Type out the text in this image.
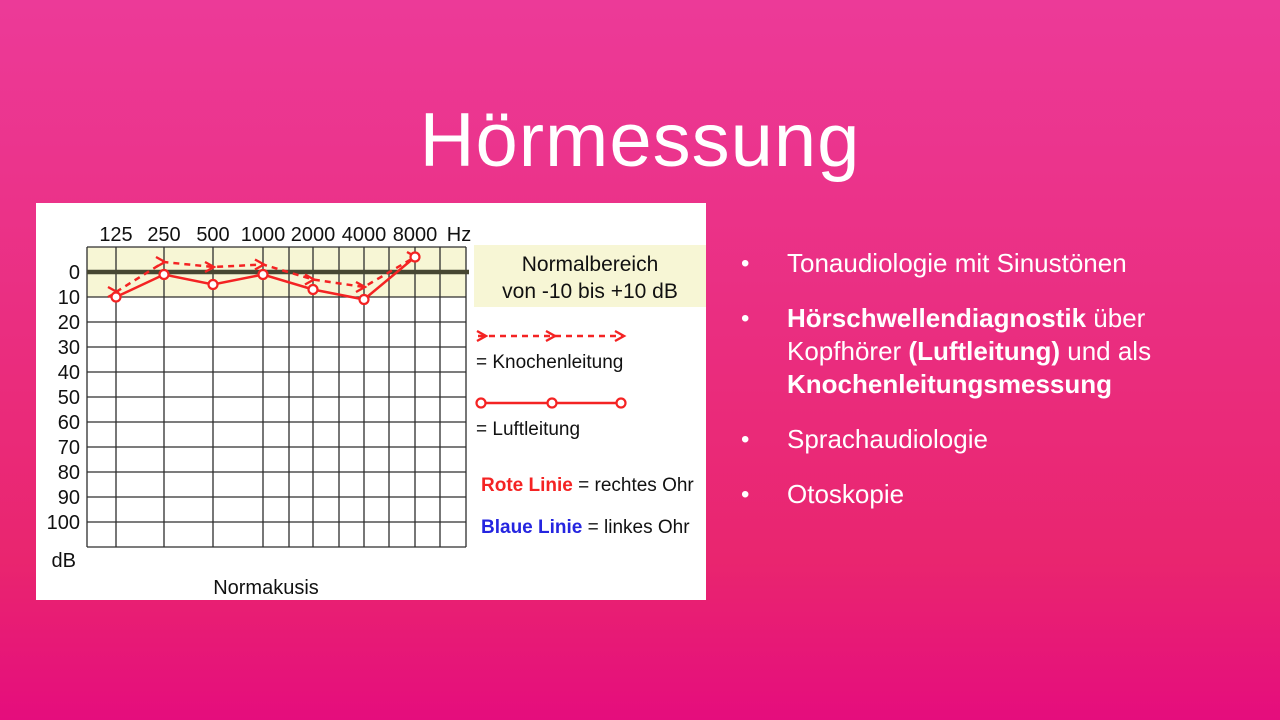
Hörmessung
125 250 500 1000 2000 4000 8000 Hz
0
10
20
30
40
50
60
70
80
90
100
dB
Normalbereich
von -10 bis +10 dB
= Knochenleitung
= Luftleitung
Rote Linie = rechtes Ohr
Blaue Linie = linkes Ohr
Normakusis
•	Tonaudiologie mit Sinustönen
•	Hörschwellendiagnostik über
Kopfhörer (Luftleitung) und als
Knochenleitungsmessung
•	Sprachaudiologie
•	Otoskopie
